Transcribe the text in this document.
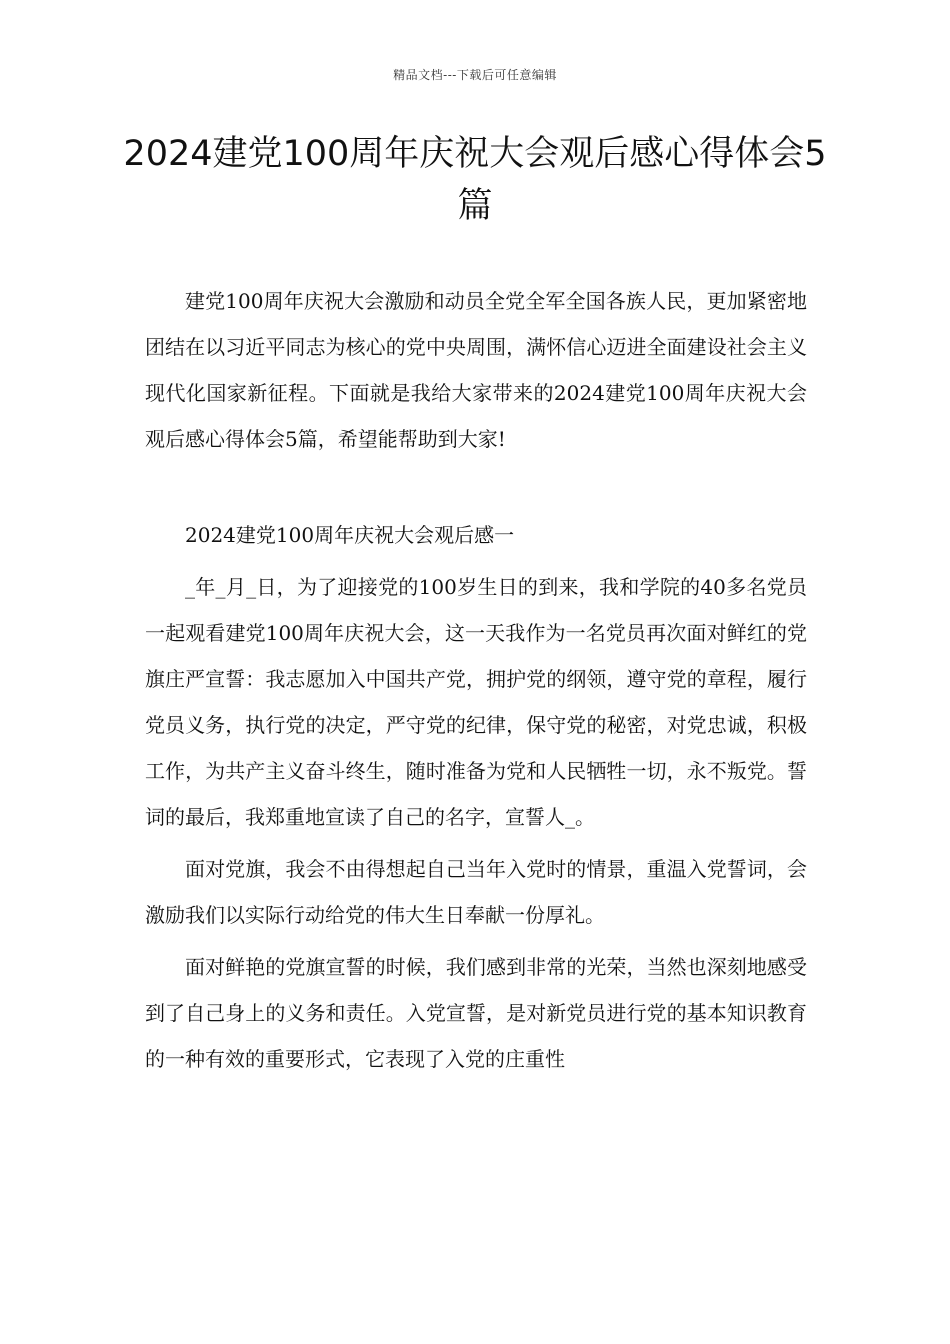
精品文档---下载后可任意编辑
2024建党100周年庆祝大会观后感心得体会5篇

建党100周年庆祝大会激励和动员全党全军全国各族人民，更加紧密地团结在以习近平同志为核心的党中央周围，满怀信心迈进全面建设社会主义现代化国家新征程。下面就是我给大家带来的2024建党100周年庆祝大会观后感心得体会5篇，希望能帮助到大家!

2024建党100周年庆祝大会观后感一

_年_月_日，为了迎接党的100岁生日的到来，我和学院的40多名党员一起观看建党100周年庆祝大会，这一天我作为一名党员再次面对鲜红的党旗庄严宣誓：我志愿加入中国共产党，拥护党的纲领，遵守党的章程，履行党员义务，执行党的决定，严守党的纪律，保守党的秘密，对党忠诚，积极工作，为共产主义奋斗终生，随时准备为党和人民牺牲一切，永不叛党。誓词的最后，我郑重地宣读了自己的名字，宣誓人_。

面对党旗，我会不由得想起自己当年入党时的情景，重温入党誓词，会激励我们以实际行动给党的伟大生日奉献一份厚礼。

面对鲜艳的党旗宣誓的时候，我们感到非常的光荣，当然也深刻地感受到了自己身上的义务和责任。入党宣誓，是对新党员进行党的基本知识教育的一种有效的重要形式，它表现了入党的庄重性
